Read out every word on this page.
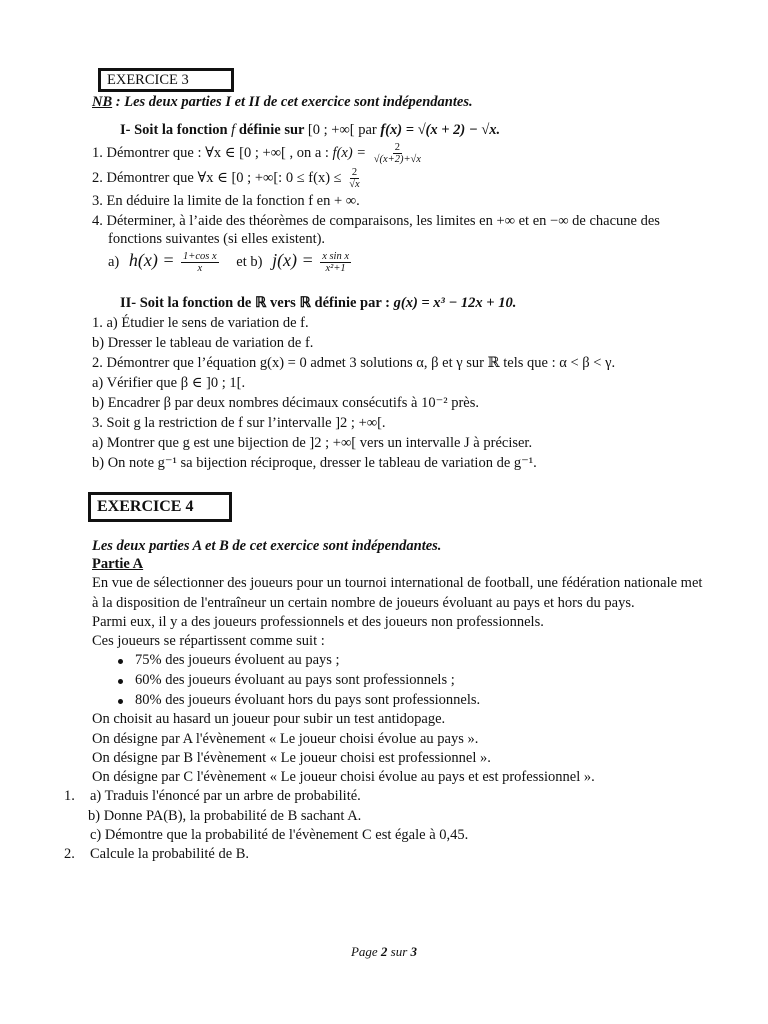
EXERCICE 3
NB : Les deux parties I et II de cet exercice sont indépendantes.
I- Soit la fonction f définie sur [0 ; +∞[ par f(x) = √(x + 2) − √x.
1. Démontrer que : ∀x ∈ [0 ; +∞[ , on a : $f(x) = \frac{2}{√(x+2)+√x}$
2. Démontrer que ∀x ∈ [0 ; +∞[: $0 \le f(x) \le \frac{2}{√x}$
3. En déduire la limite de la fonction f en + ∞.
4. Déterminer, à l’aide des théorèmes de comparaisons, les limites en +∞ et en −∞ de chacune des
fonctions suivantes (si elles existent).
a) $h(x) = \frac{\text{1+cos x}}{x}$ et b) $j(x) = \frac{\text{x sin x}}{\text{x²+1}}$
II- Soit la fonction de ℝ vers ℝ définie par : g(x) = x³ − 12x + 10.
1. a) Étudier le sens de variation de f.
b) Dresser le tableau de variation de f.
2. Démontrer que l’équation g(x) = 0 admet 3 solutions α, β et γ sur ℝ tels que : α < β < γ.
a) Vérifier que β ∈ ]0 ; 1[.
b) Encadrer β par deux nombres décimaux consécutifs à 10⁻² près.
3. Soit g la restriction de f sur l’intervalle ]2 ; +∞[.
a) Montrer que g est une bijection de ]2 ; +∞[ vers un intervalle J à préciser.
b) On note g⁻¹ sa bijection réciproque, dresser le tableau de variation de g⁻¹.
EXERCICE 4
Les deux parties A et B de cet exercice sont indépendantes.
Partie A
En vue de sélectionner des joueurs pour un tournoi international de football, une fédération nationale met
à la disposition de l'entraîneur un certain nombre de joueurs évoluant au pays et hors du pays.
Parmi eux, il y a des joueurs professionnels et des joueurs non professionnels.
Ces joueurs se répartissent comme suit :
75% des joueurs évoluent au pays ;
60% des joueurs évoluant au pays sont professionnels ;
80% des joueurs évoluant hors du pays sont professionnels.
On choisit au hasard un joueur pour subir un test antidopage.
On désigne par A l'évènement « Le joueur choisi évolue au pays ».
On désigne par B l'évènement « Le joueur choisi est professionnel ».
On désigne par C l'évènement « Le joueur choisi évolue au pays et est professionnel ».
1. a) Traduis l'énoncé par un arbre de probabilité.
b) Donne PA(B), la probabilité de B sachant A.
c) Démontre que la probabilité de l'évènement C est égale à 0,45.
2. Calcule la probabilité de B.
Page 2 sur 3
